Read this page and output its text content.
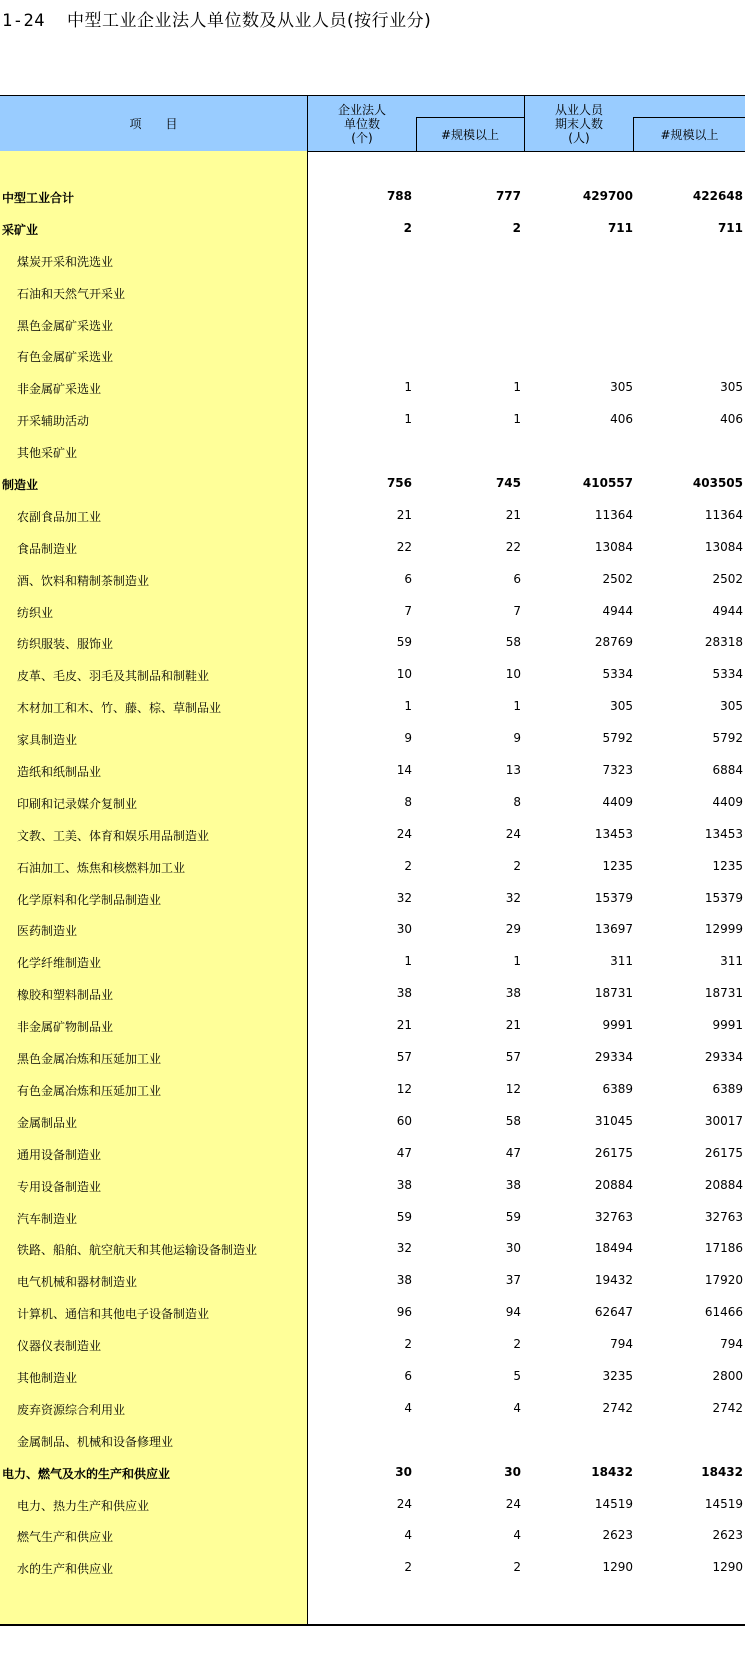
1-24 中型工业企业法人单位数及从业人员(按行业分)
项　　目
企业法人
单位数
(个)	#规模以上
从业人员
期末人数
(人)	#规模以上
中型工业合计	788	777	429700	422648
采矿业	2	2	711	711
煤炭开采和洗选业
石油和天然气开采业
黑色金属矿采选业
有色金属矿采选业
非金属矿采选业	1	1	305	305
开采辅助活动	1	1	406	406
其他采矿业
制造业	756	745	410557	403505
农副食品加工业	21	21	11364	11364
食品制造业	22	22	13084	13084
酒、饮料和精制茶制造业	6	6	2502	2502
纺织业	7	7	4944	4944
纺织服装、服饰业	59	58	28769	28318
皮革、毛皮、羽毛及其制品和制鞋业	10	10	5334	5334
木材加工和木、竹、藤、棕、草制品业	1	1	305	305
家具制造业	9	9	5792	5792
造纸和纸制品业	14	13	7323	6884
印刷和记录媒介复制业	8	8	4409	4409
文教、工美、体育和娱乐用品制造业	24	24	13453	13453
石油加工、炼焦和核燃料加工业	2	2	1235	1235
化学原料和化学制品制造业	32	32	15379	15379
医药制造业	30	29	13697	12999
化学纤维制造业	1	1	311	311
橡胶和塑料制品业	38	38	18731	18731
非金属矿物制品业	21	21	9991	9991
黑色金属冶炼和压延加工业	57	57	29334	29334
有色金属冶炼和压延加工业	12	12	6389	6389
金属制品业	60	58	31045	30017
通用设备制造业	47	47	26175	26175
专用设备制造业	38	38	20884	20884
汽车制造业	59	59	32763	32763
铁路、船舶、航空航天和其他运输设备制造业	32	30	18494	17186
电气机械和器材制造业	38	37	19432	17920
计算机、通信和其他电子设备制造业	96	94	62647	61466
仪器仪表制造业	2	2	794	794
其他制造业	6	5	3235	2800
废弃资源综合利用业	4	4	2742	2742
金属制品、机械和设备修理业
电力、燃气及水的生产和供应业	30	30	18432	18432
电力、热力生产和供应业	24	24	14519	14519
燃气生产和供应业	4	4	2623	2623
水的生产和供应业	2	2	1290	1290
